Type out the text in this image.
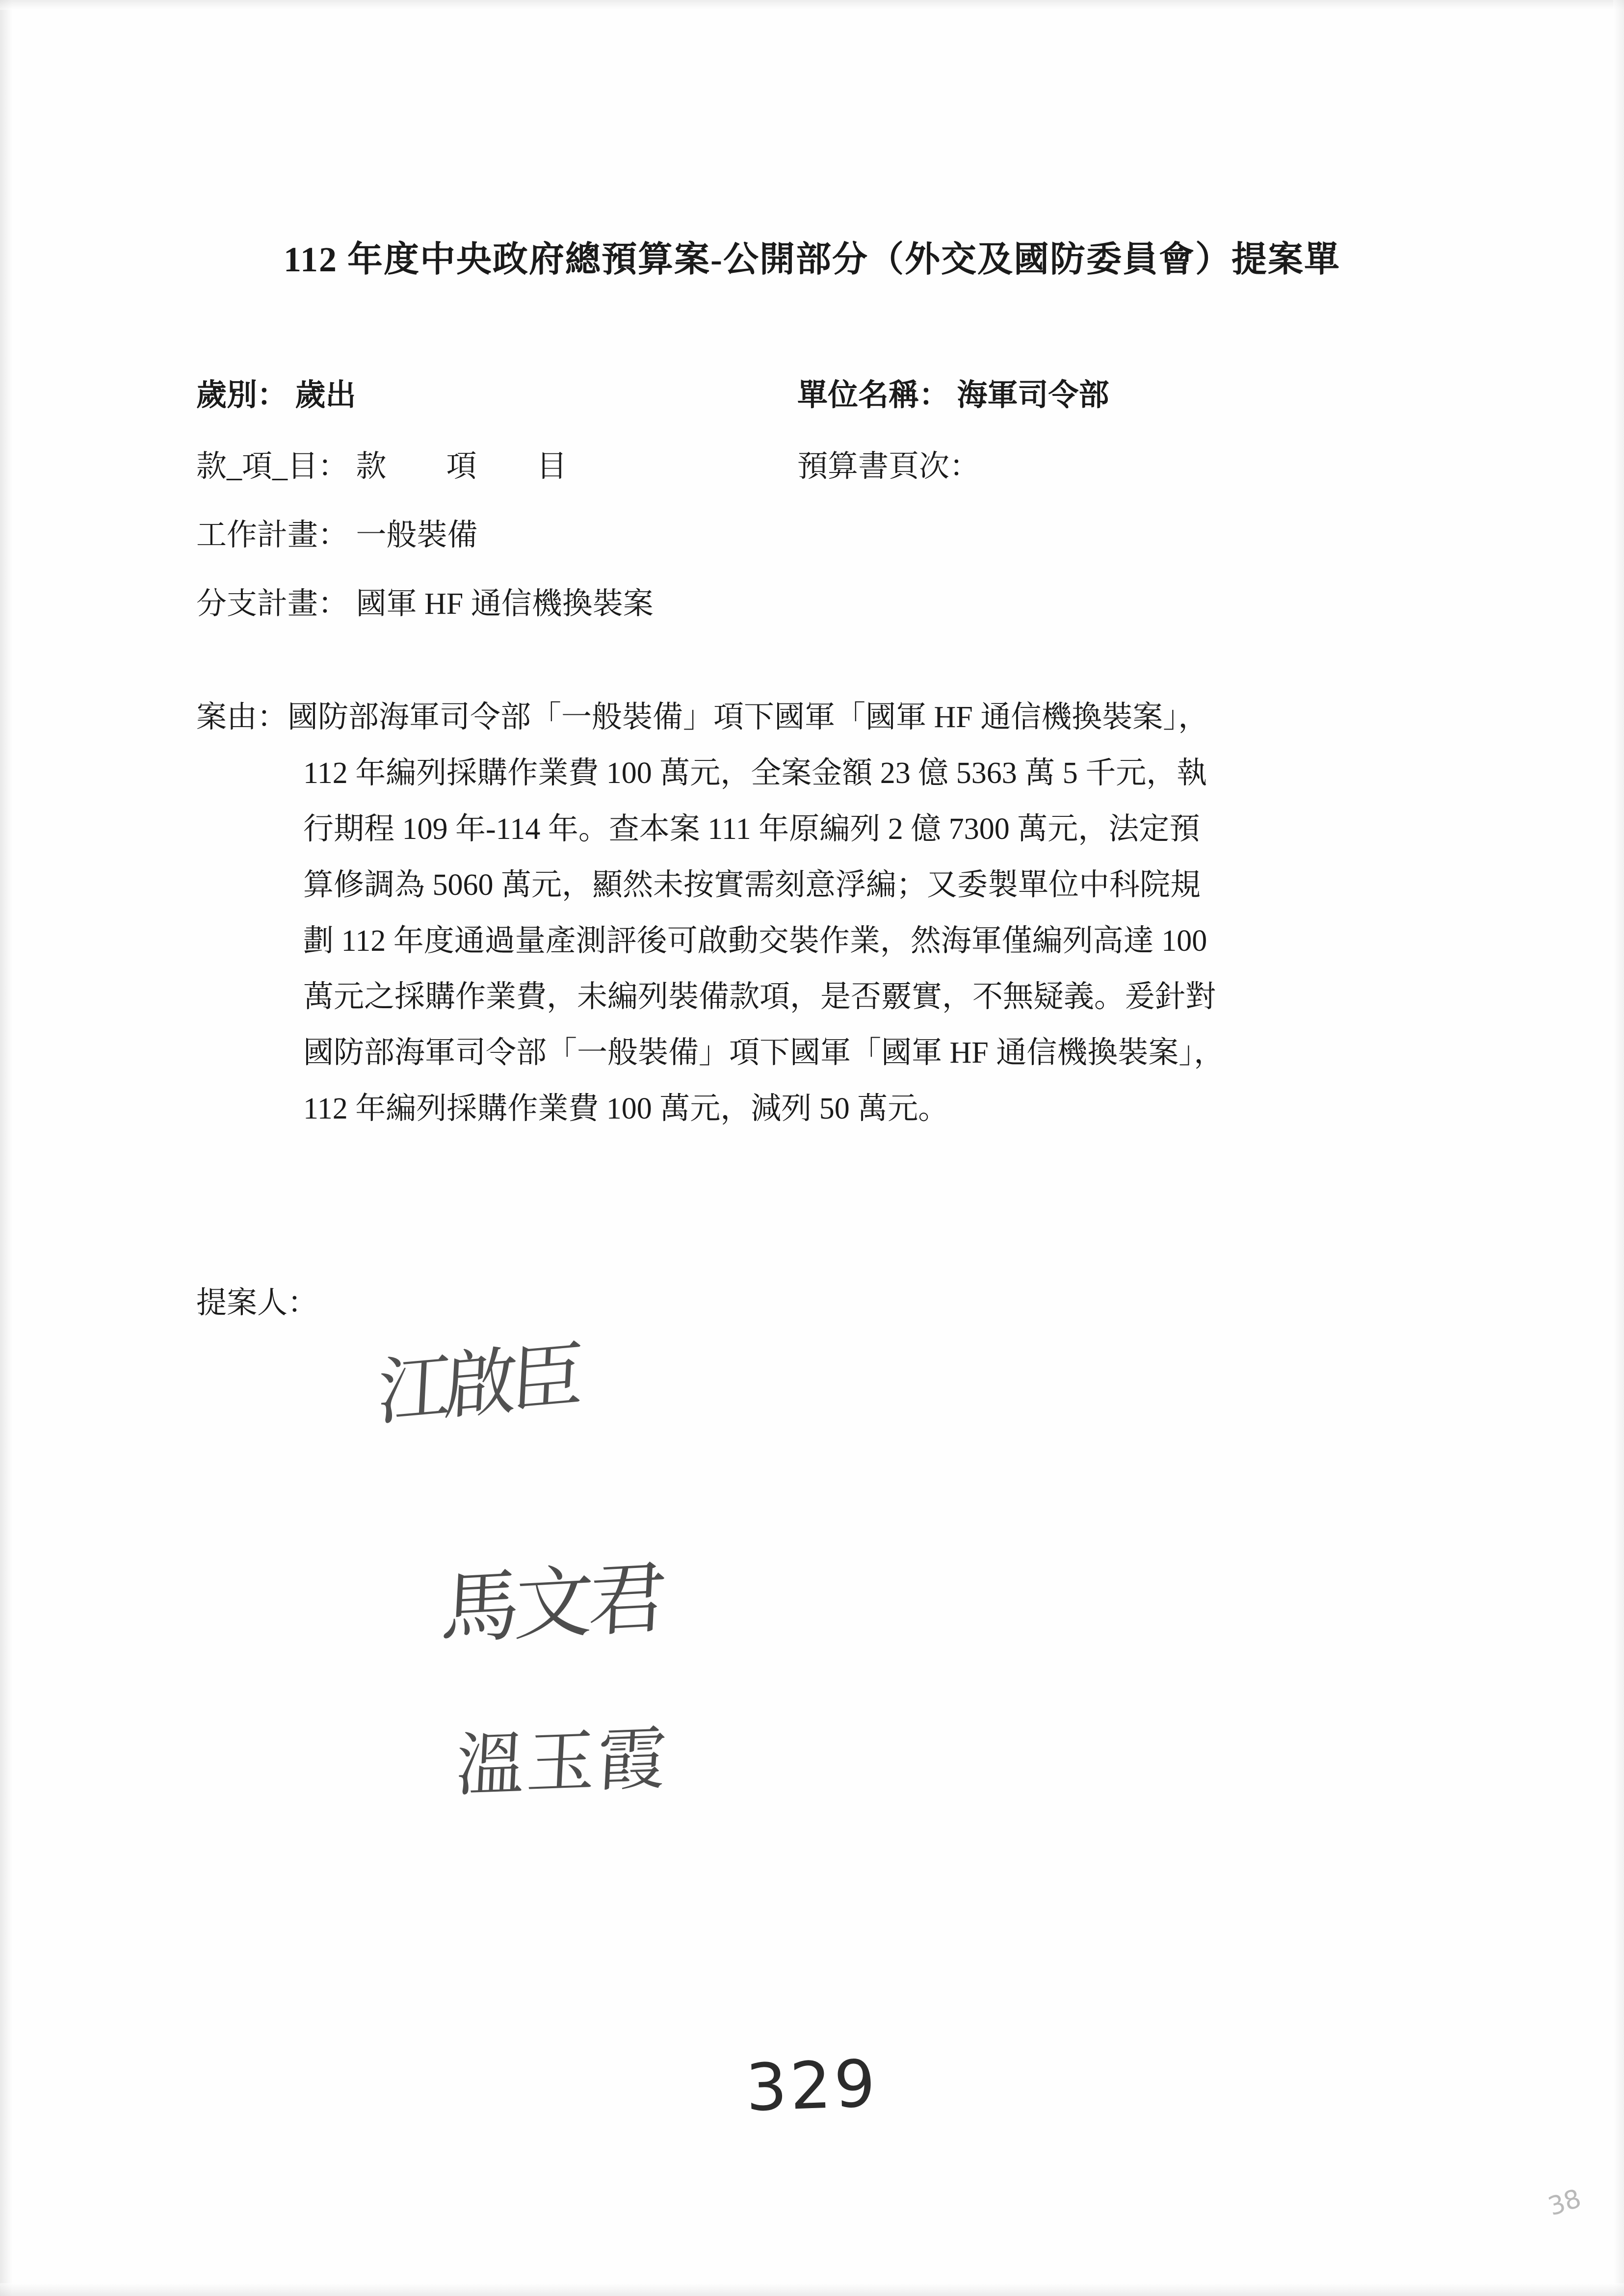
112 年度中央政府總預算案-公開部分（外交及國防委員會）提案單
歲別： 歲出	單位名稱： 海軍司令部
款_項_目： 款　項　目	預算書頁次：
工作計畫： 一般裝備
分支計畫： 國軍 HF 通信機換裝案
案由：國防部海軍司令部「一般裝備」項下國軍「國軍 HF 通信機換裝案」，
112 年編列採購作業費 100 萬元，全案金額 23 億 5363 萬 5 千元，執
行期程 109 年-114 年。查本案 111 年原編列 2 億 7300 萬元，法定預
算修調為 5060 萬元，顯然未按實需刻意浮編；又委製單位中科院規
劃 112 年度通過量產測評後可啟動交裝作業，然海軍僅編列高達 100
萬元之採購作業費，未編列裝備款項，是否覈實，不無疑義。爰針對
國防部海軍司令部「一般裝備」項下國軍「國軍 HF 通信機換裝案」，
112 年編列採購作業費 100 萬元，減列 50 萬元。
提案人：
江啟臣
馬文君
溫玉霞
329
38
